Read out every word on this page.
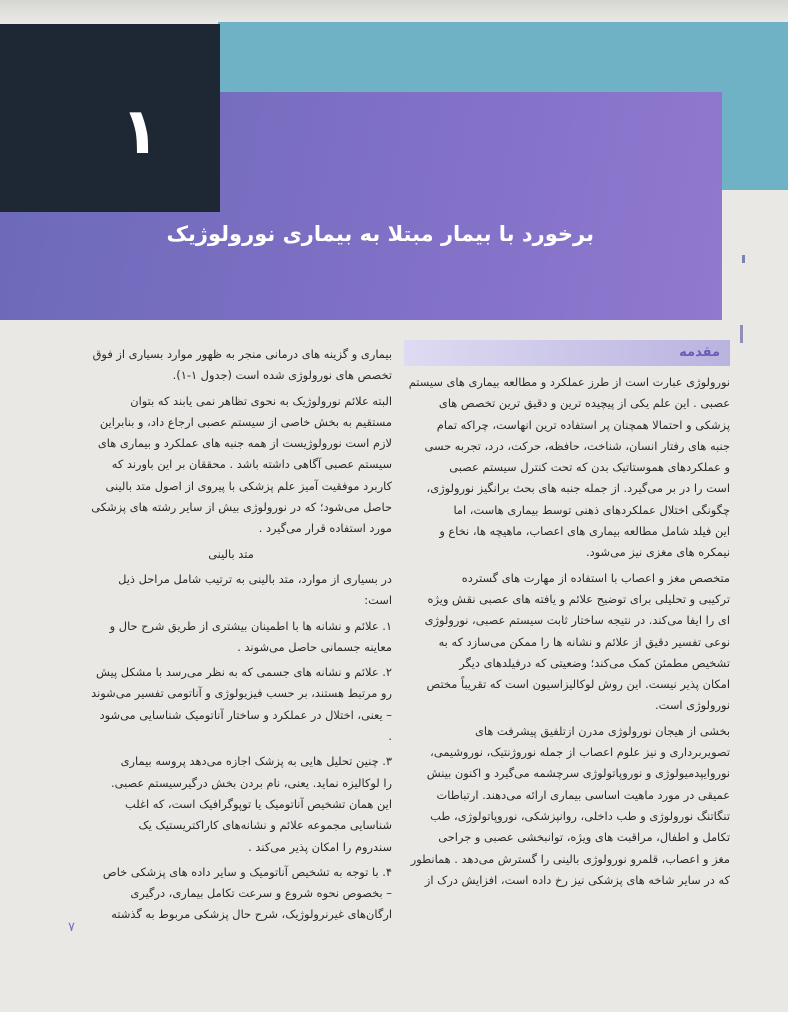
برخورد با بیمار مبتلا به بیماری نورولوژیک
۱
مقدمه
نورولوژی عبارت است از طرز عملکرد و مطالعه بیماری های سیستم
عصبی . این علم یکی از پیچیده ترین و دقیق ترین تخصص های
پزشکی و احتمالا همچنان پر استفاده ترین انهاست، چراکه تمام
جنبه های رفتار انسان، شناخت، حافظه، حرکت، درد، تجربه حسی
و عملکردهای هموستاتیک بدن که تحت کنترل سیستم عصبی
است را در بر می‌گیرد. از جمله جنبه های بحث برانگیز نورولوژی،
چگونگی اختلال عملکردهای ذهنی توسط بیماری هاست، اما
این فیلد شامل مطالعه بیماری های اعصاب، ماهیچه ها، نخاع و
نیمکره های مغزی نیز می‌شود.
متخصص مغز و اعصاب با استفاده از مهارت های گسترده
ترکیبی و تحلیلی برای توضیح علائم و یافته های عصبی نقش ویژه
ای را ایفا می‌کند. در نتیجه ساختار ثابت سیستم عصبی، نورولوژی
نوعی تفسیر دقیق از علائم و نشانه ها را ممکن می‌سازد که به
تشخیص مطمئن کمک می‌کند؛ وضعیتی که درفیلدهای دیگر
امکان پذیر نیست. این روش لوکالیزاسیون است که تقریباً مختص
نورولوژی است.
بخشی از هیجان نورولوژی مدرن ازتلفیق پیشرفت های
تصویربرداری و نیز علوم اعصاب از جمله نوروژنتیک، نوروشیمی،
نوروایپدمیولوژی و نوروپاتولوژی سرچشمه می‌گیرد و اکنون بینش
عمیقی در مورد ماهیت اساسی بیماری ارائه می‌دهند. ارتباطات
تنگاتنگ نورولوژی و طب داخلی، روانپزشکی، نوروپاتولوژی، طب
تکامل و اطفال، مراقبت های ویژه، توانبخشی عصبی و جراحی
مغز و اعصاب، قلمرو نورولوژی بالینی را گسترش می‌دهد . همانطور
که در سایر شاخه های پزشکی نیز رخ داده است، افزایش درک از
بیماری و گزینه های درمانی منجر به ظهور موارد بسیاری از فوق
تخصص های نورولوژی شده است (جدول ۱-۱).
البته علائم نورولوژیک به نحوی تظاهر نمی یابند که بتوان
مستقیم به بخش خاصی از سیستم عصبی ارجاع داد، و بنابراین
لازم است نورولوژیست از همه جنبه های عملکرد و بیماری های
سیستم عصبی آگاهی داشته باشد . محققان بر این باورند که
کاربرد موفقیت آمیز علم پزشکی با پیروی از اصول متد بالینی
حاصل می‌شود؛ که در نورولوژی بیش از سایر رشته های پزشکی
مورد استفاده قرار می‌گیرد .
متد بالینی
در بسیاری از موارد، متد بالینی به ترتیب شامل مراحل ذیل
است:
۱. علائم و نشانه ها با اطمینان بیشتری از طریق شرح حال و
معاینه جسمانی حاصل می‌شوند .
۲. علائم و نشانه های جسمی که به نظر می‌رسد با مشکل پیش
رو مرتبط هستند، بر حسب فیزیولوژی و آناتومی تفسیر می‌شوند
– یعنی، اختلال در عملکرد و ساختار آناتومیک شناسایی می‌شود
.
۳. چنین تحلیل هایی به پزشک اجازه می‌دهد پروسه بیماری
را لوکالیزه نماید. یعنی، نام بردن بخش درگیرسیستم عصبی.
این همان تشخیص آناتومیک یا توپوگرافیک است، که اغلب
شناسایی مجموعه علائم و نشانه‌های کاراکتریستیک یک
سندروم را امکان پذیر می‌کند .
۴. با توجه به تشخیص آناتومیک و سایر داده های پزشکی خاص
– بخصوص نحوه شروع و سرعت تکامل بیماری، درگیری
ارگان‌های غیرنرولوژیک، شرح حال پزشکی مربوط به گذشته
۷
